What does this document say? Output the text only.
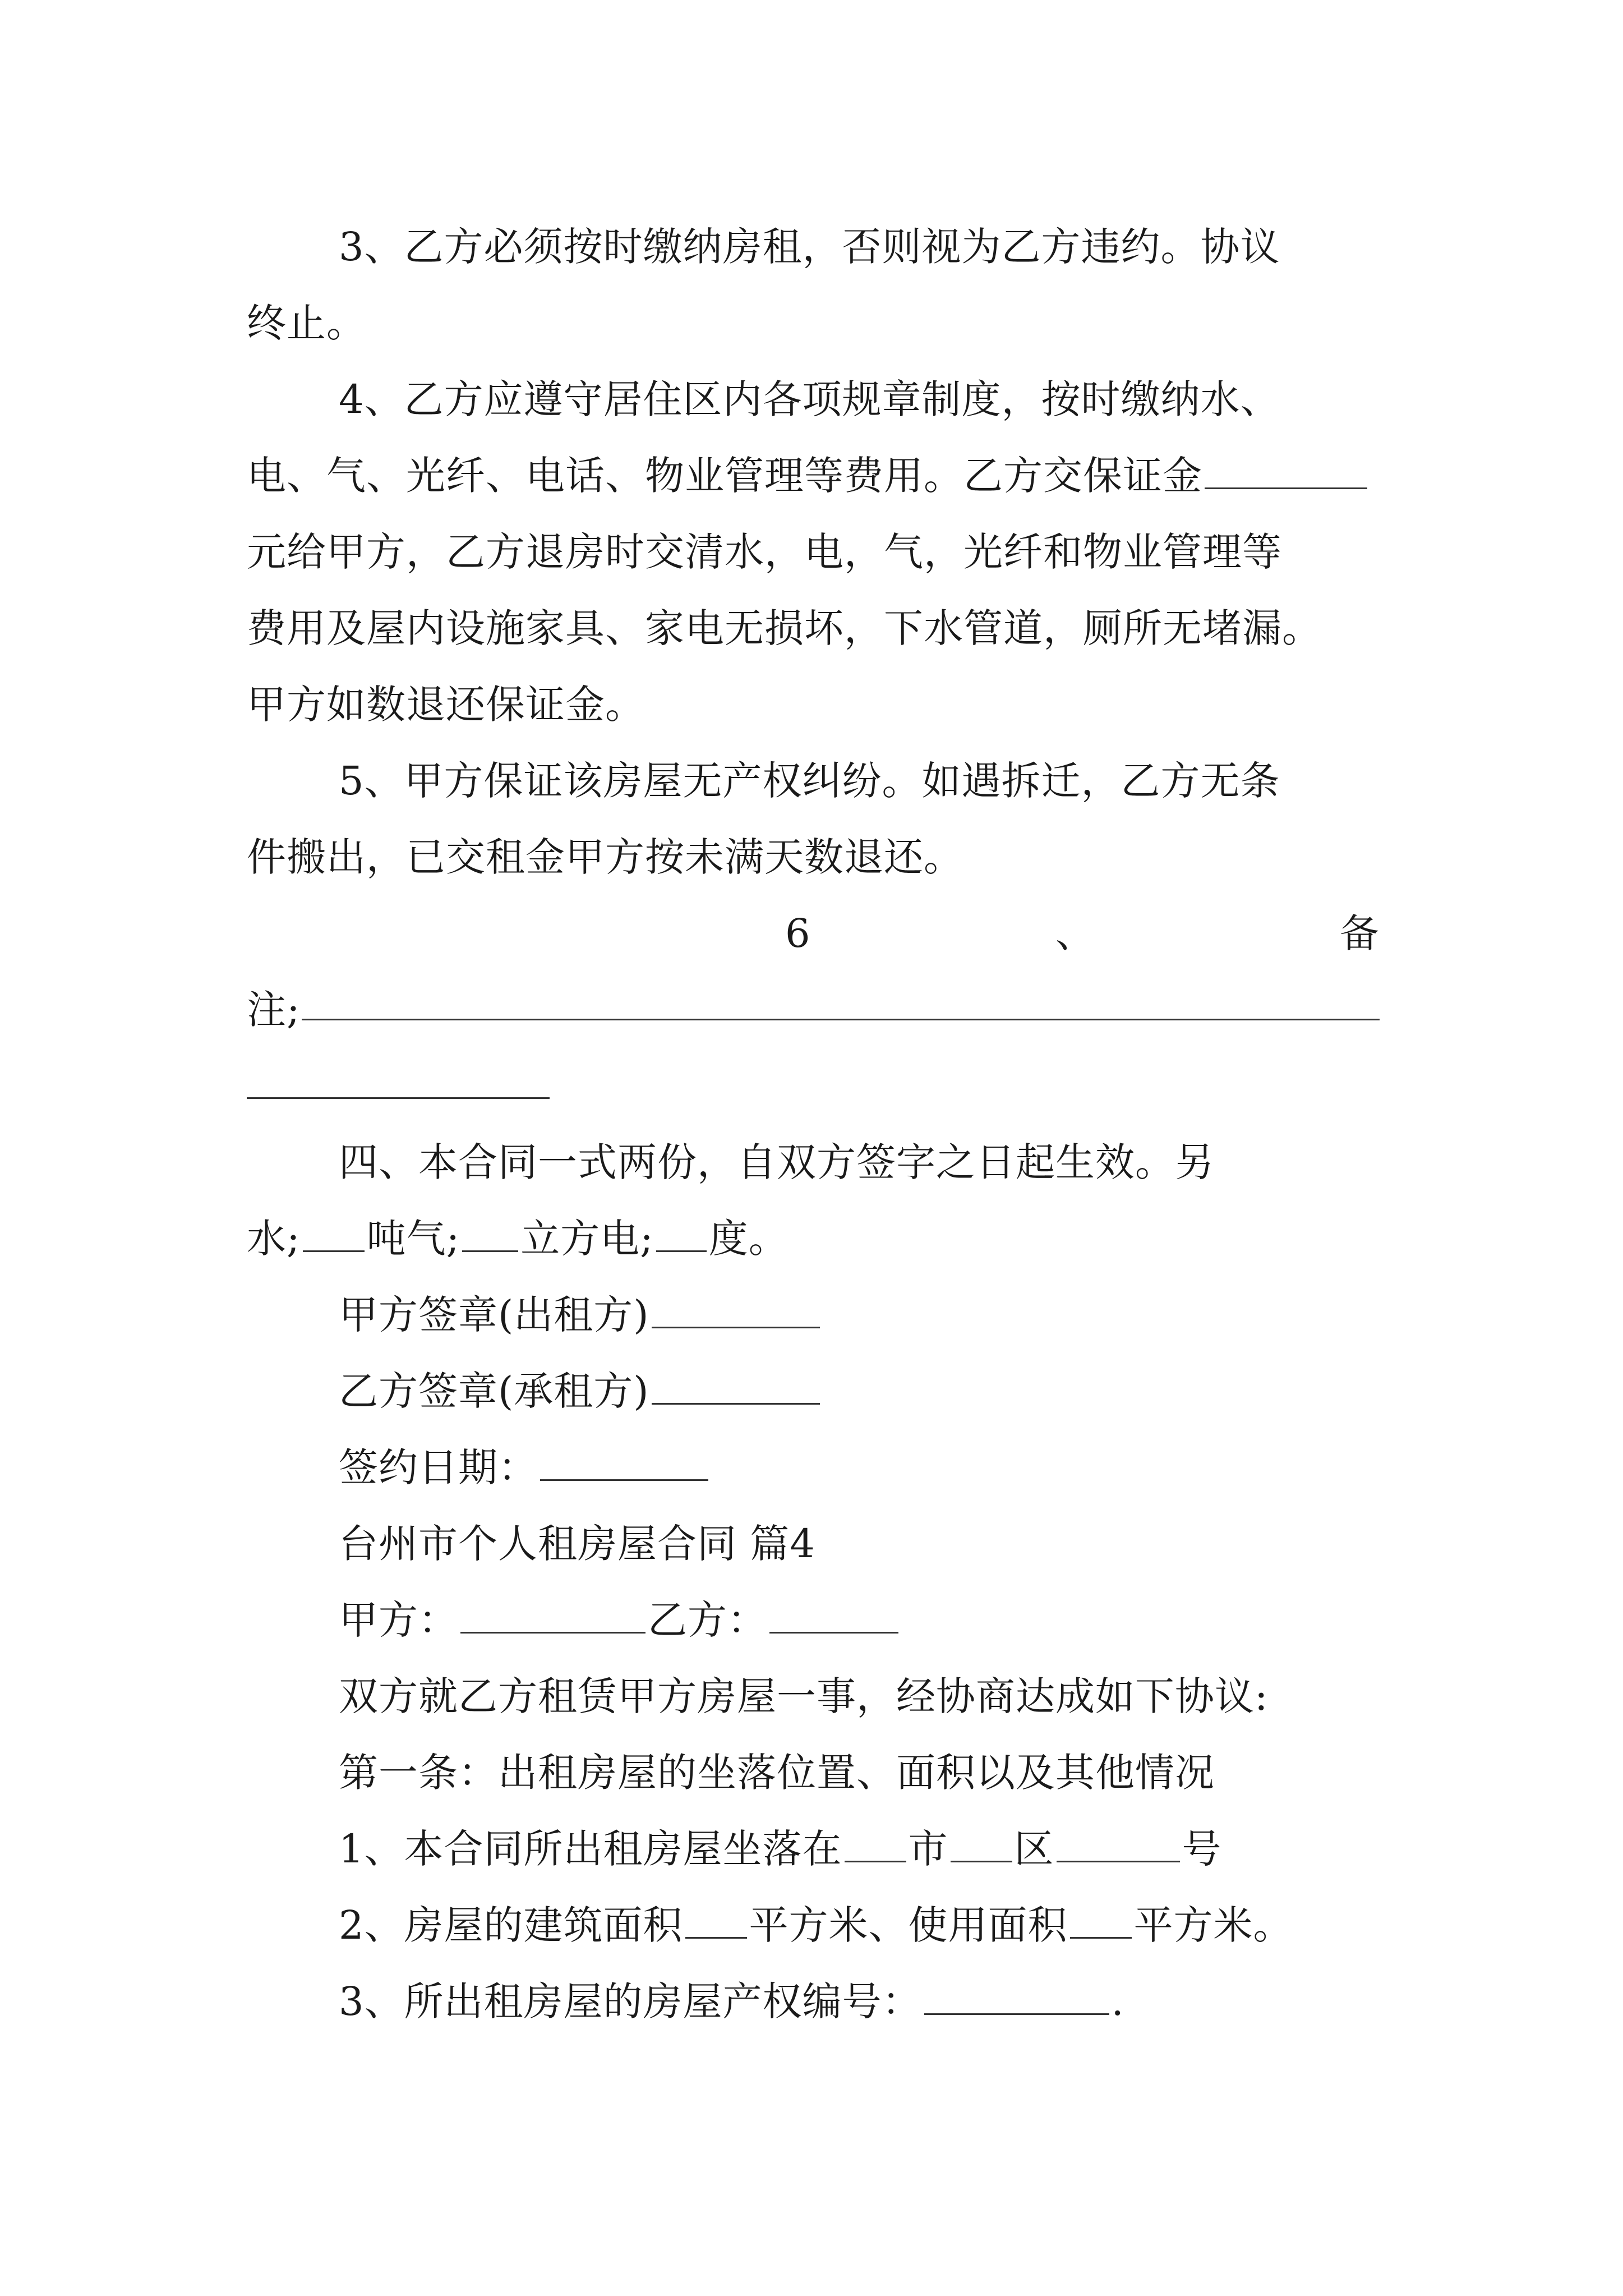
3、乙方必须按时缴纳房租，否则视为乙方违约。协议
终止。
4、乙方应遵守居住区内各项规章制度，按时缴纳水、
电、气、光纤、电话、物业管理等费用。乙方交保证金
元给甲方，乙方退房时交清水，电，气，光纤和物业管理等
费用及屋内设施家具、家电无损坏，下水管道，厕所无堵漏。
甲方如数退还保证金。
5、甲方保证该房屋无产权纠纷。如遇拆迁，乙方无条
件搬出，已交租金甲方按未满天数退还。
6	、	备
注;
四、本合同一式两份，自双方签字之日起生效。另
水; 吨气; 立方电; 度。
甲方签章(出租方)
乙方签章(承租方)
签约日期：
台州市个人租房屋合同 篇4
甲方：	乙方：
双方就乙方租赁甲方房屋一事，经协商达成如下协议:
第一条：出租房屋的坐落位置、面积以及其他情况
1、本合同所出租房屋坐落在 市 区	号
2、房屋的建筑面积 平方米、使用面积 平方米。
3、所出租房屋的房屋产权编号：	.
